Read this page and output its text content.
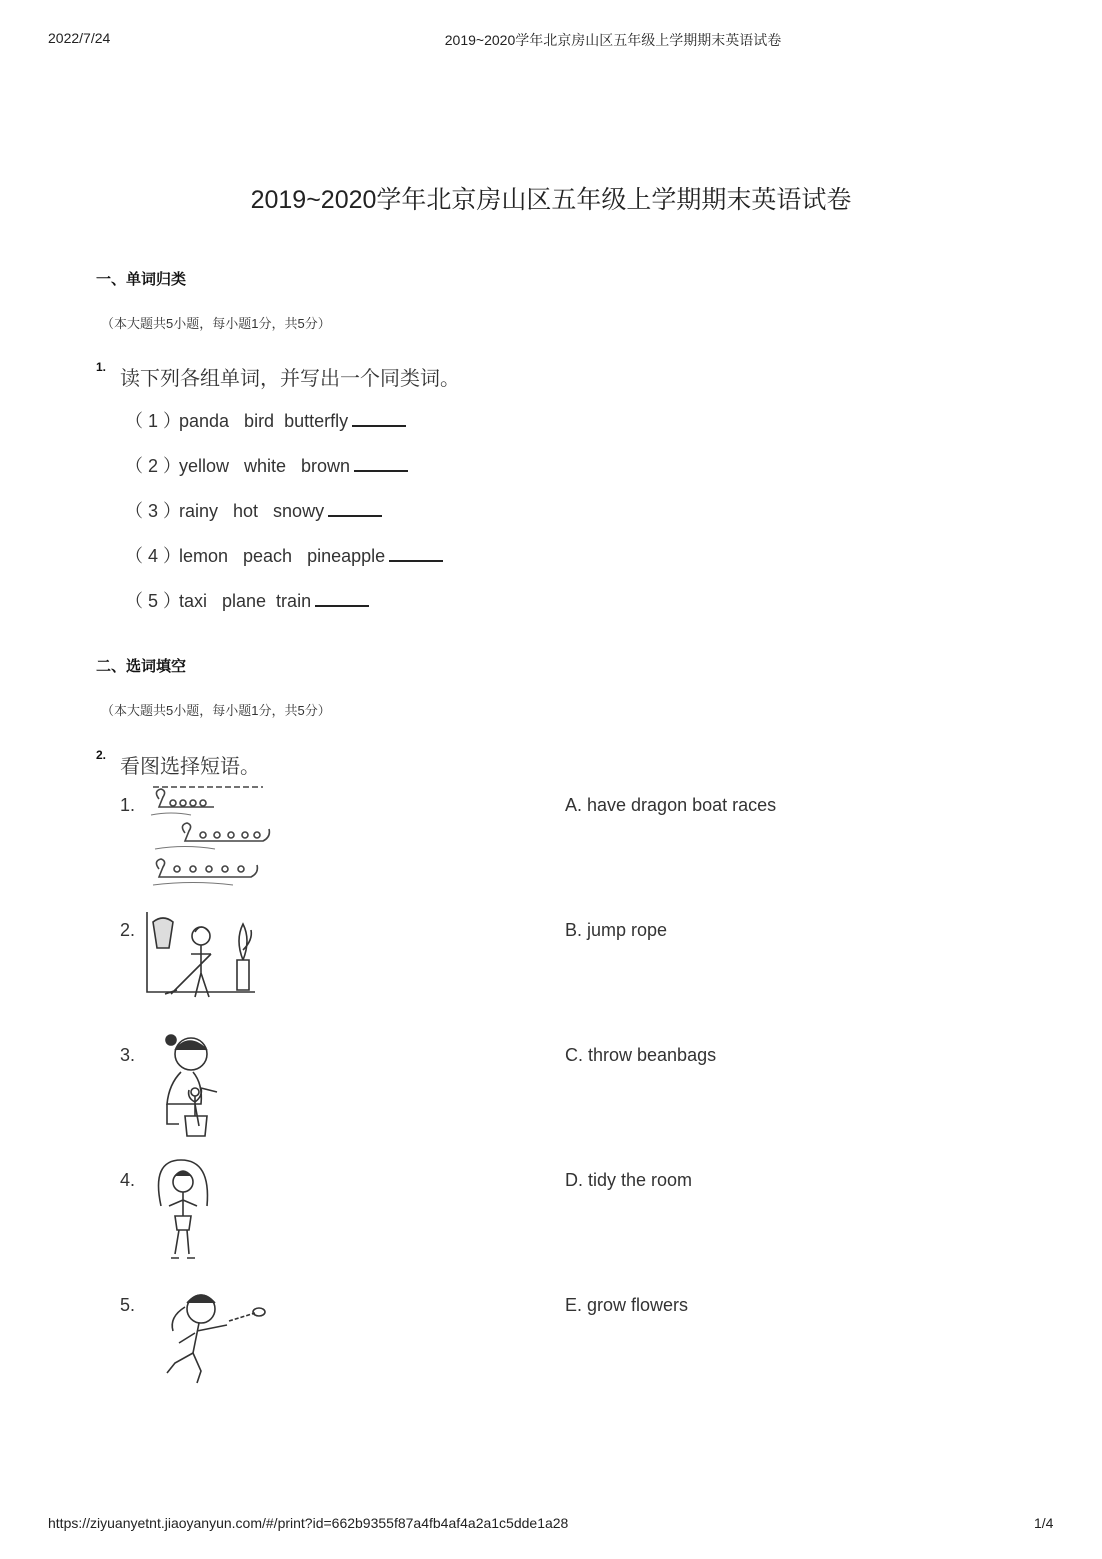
2022/7/24	2019~2020学年北京房山区五年级上学期期末英语试卷
2019~2020学年北京房山区五年级上学期期末英语试卷
一、单词归类
（本大题共5小题，每小题1分，共5分）
1.
读下列各组单词，并写出一个同类词。
（ 1 ）panda   bird  butterfly
（ 2 ）yellow   white   brown
（ 3 ）rainy   hot   snowy
（ 4 ）lemon   peach   pineapple
（ 5 ）taxi   plane  train
二、选词填空
（本大题共5小题，每小题1分，共5分）
2.
看图选择短语。
1.	A. have dragon boat races
2.	B. jump rope
3.	C. throw beanbags
4.	D. tidy the room
5.	E. grow flowers
https://ziyuanyetnt.jiaoyanyun.com/#/print?id=662b9355f87a4fb4af4a2a1c5dde1a28	1/4
